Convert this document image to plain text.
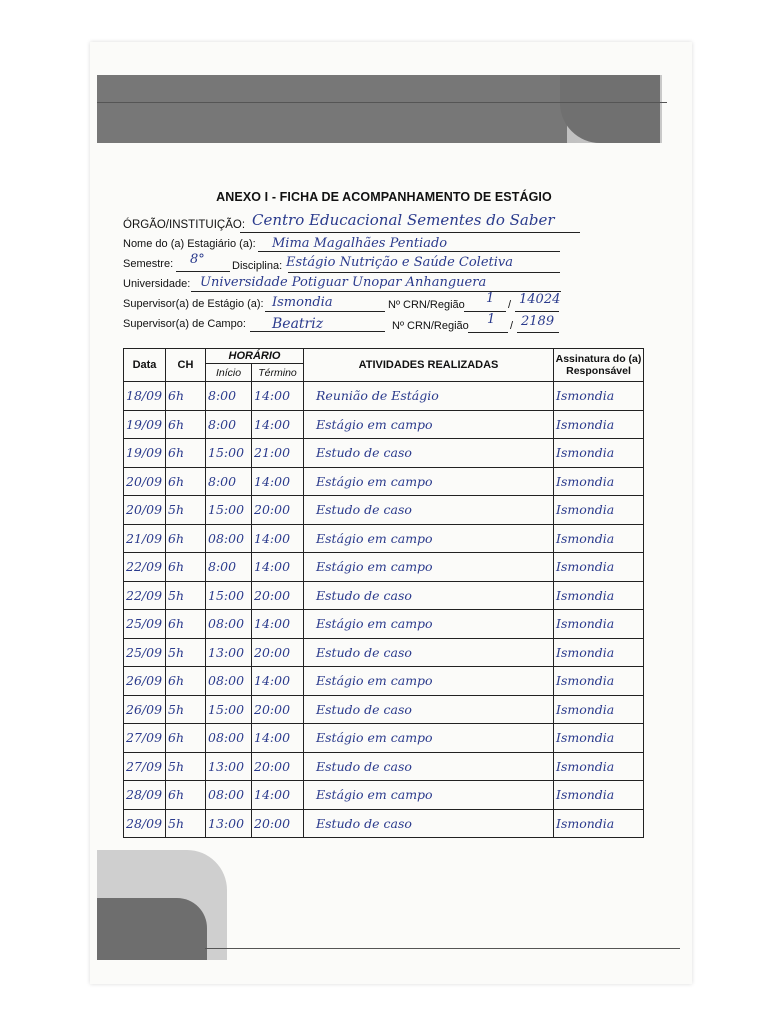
ANEXO I - FICHA DE ACOMPANHAMENTO DE ESTÁGIO
ÓRGÃO/INSTITUIÇÃO: Centro Educacional Sementes do Saber
Nome do (a) Estagiário (a): Mima Magalhães Pentiado
Semestre: 8° Disciplina: Estágio Nutrição e Saúde Coletiva
Universidade: Universidade Potiguar Unopar Anhanguera
Supervisor(a) de Estágio (a): Ismondia	Nº CRN/Região 1 / 14024
Supervisor(a) de Campo: Beatriz	Nº CRN/Região 1 / 2189
Data	CH	HORÁRIO		ATIVIDADES REALIZADAS	Assinatura do (a) Responsável
		Início	Término		
18/09	6h	8:00	14:00	Reunião de Estágio	Ismondia
19/09	6h	8:00	14:00	Estágio em campo	Ismondia
19/09	6h	15:00	21:00	Estudo de caso	Ismondia
20/09	6h	8:00	14:00	Estágio em campo	Ismondia
20/09	5h	15:00	20:00	Estudo de caso	Ismondia
21/09	6h	08:00	14:00	Estágio em campo	Ismondia
22/09	6h	8:00	14:00	Estágio em campo	Ismondia
22/09	5h	15:00	20:00	Estudo de caso	Ismondia
25/09	6h	08:00	14:00	Estágio em campo	Ismondia
25/09	5h	13:00	20:00	Estudo de caso	Ismondia
26/09	6h	08:00	14:00	Estágio em campo	Ismondia
26/09	5h	15:00	20:00	Estudo de caso	Ismondia
27/09	6h	08:00	14:00	Estágio em campo	Ismondia
27/09	5h	13:00	20:00	Estudo de caso	Ismondia
28/09	6h	08:00	14:00	Estágio em campo	Ismondia
28/09	5h	13:00	20:00	Estudo de caso	Ismondia
